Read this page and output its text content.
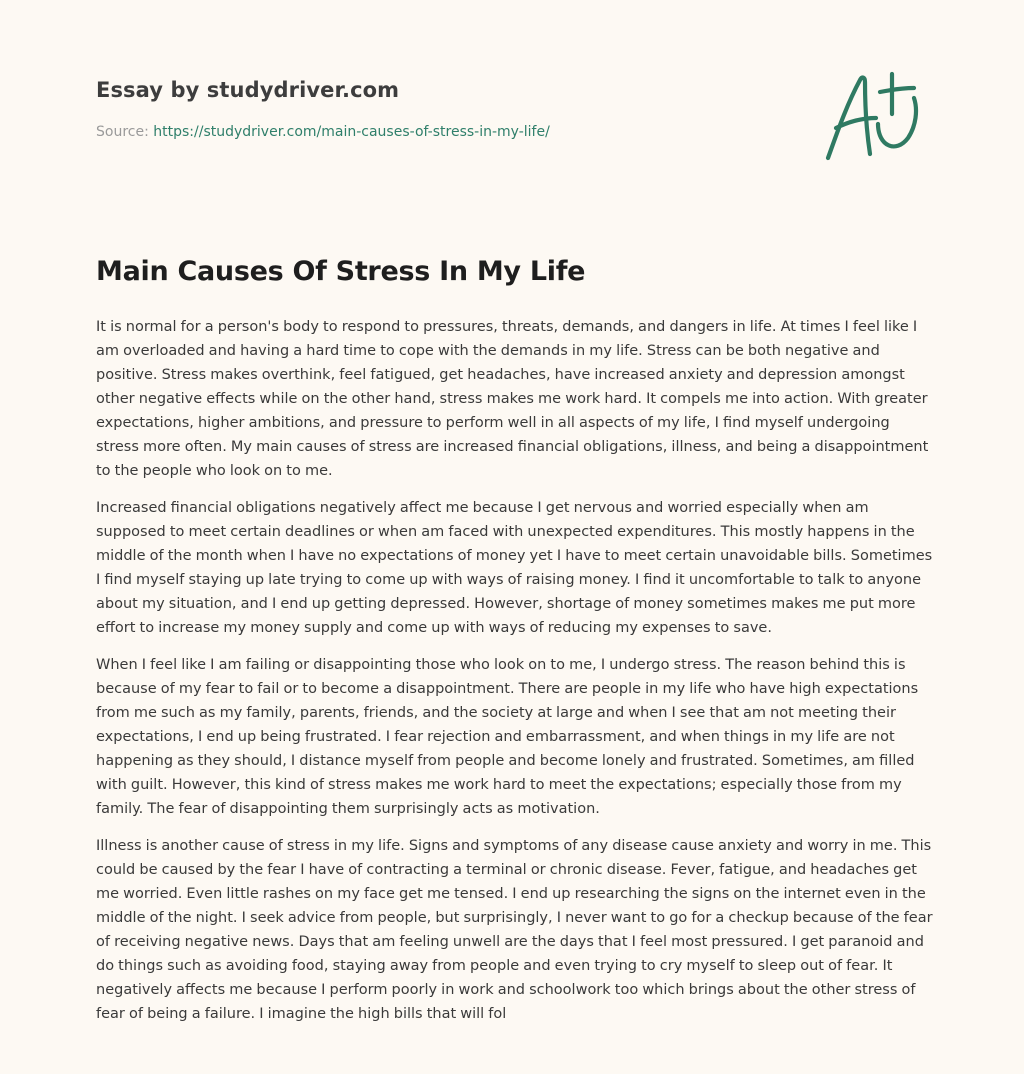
Essay by studydriver.com
Source: https://studydriver.com/main-causes-of-stress-in-my-life/
Main Causes Of Stress In My Life

It is normal for a person's body to respond to pressures, threats, demands, and dangers in life. At times I feel like I am overloaded and having a hard time to cope with the demands in my life. Stress can be both negative and positive. Stress makes overthink, feel fatigued, get headaches, have increased anxiety and depression amongst other negative effects while on the other hand, stress makes me work hard. It compels me into action. With greater expectations, higher ambitions, and pressure to perform well in all aspects of my life, I find myself undergoing stress more often. My main causes of stress are increased financial obligations, illness, and being a disappointment to the people who look on to me.

Increased financial obligations negatively affect me because I get nervous and worried especially when am supposed to meet certain deadlines or when am faced with unexpected expenditures. This mostly happens in the middle of the month when I have no expectations of money yet I have to meet certain unavoidable bills. Sometimes I find myself staying up late trying to come up with ways of raising money. I find it uncomfortable to talk to anyone about my situation, and I end up getting depressed. However, shortage of money sometimes makes me put more effort to increase my money supply and come up with ways of reducing my expenses to save.

When I feel like I am failing or disappointing those who look on to me, I undergo stress. The reason behind this is because of my fear to fail or to become a disappointment. There are people in my life who have high expectations from me such as my family, parents, friends, and the society at large and when I see that am not meeting their expectations, I end up being frustrated. I fear rejection and embarrassment, and when things in my life are not happening as they should, I distance myself from people and become lonely and frustrated. Sometimes, am filled with guilt. However, this kind of stress makes me work hard to meet the expectations; especially those from my family. The fear of disappointing them surprisingly acts as motivation.

Illness is another cause of stress in my life. Signs and symptoms of any disease cause anxiety and worry in me. This could be caused by the fear I have of contracting a terminal or chronic disease. Fever, fatigue, and headaches get me worried. Even little rashes on my face get me tensed. I end up researching the signs on the internet even in the middle of the night. I seek advice from people, but surprisingly, I never want to go for a checkup because of the fear of receiving negative news. Days that am feeling unwell are the days that I feel most pressured. I get paranoid and do things such as avoiding food, staying away from people and even trying to cry myself to sleep out of fear. It negatively affects me because I perform poorly in work and schoolwork too which brings about the other stress of fear of being a failure. I imagine the high bills that will fol
